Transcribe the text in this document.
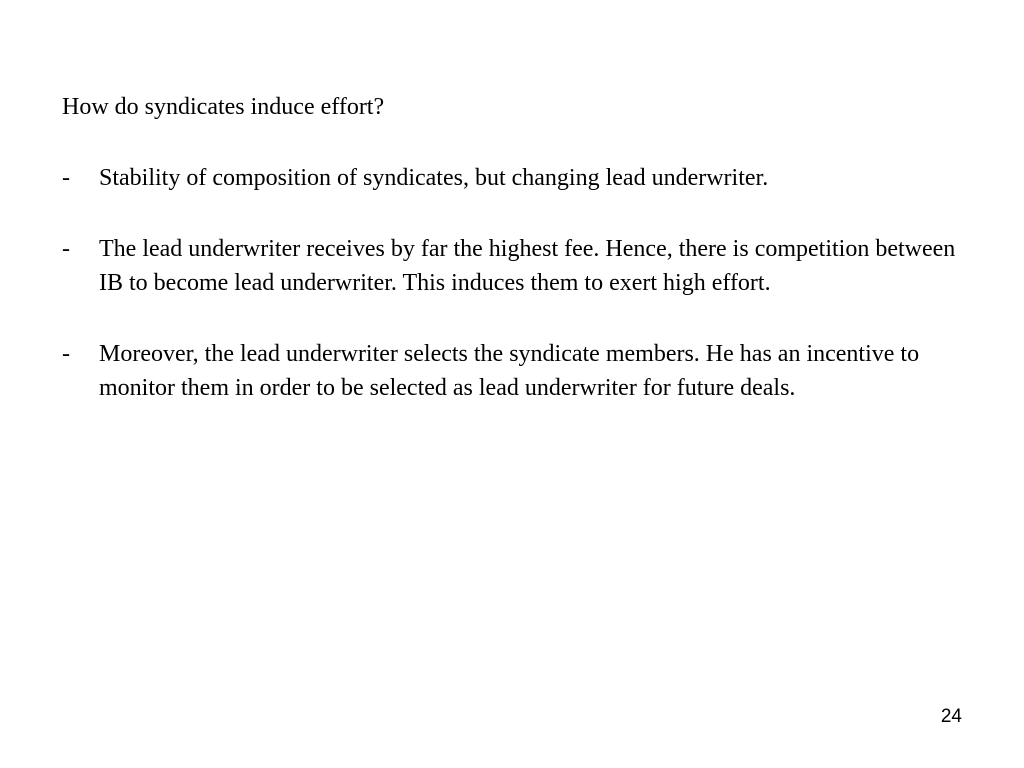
How do syndicates induce effort?

- Stability of composition of syndicates, but changing lead underwriter.
- The lead underwriter receives by far the highest fee. Hence, there is competition between IB to become lead underwriter. This induces them to exert high effort.
- Moreover, the lead underwriter selects the syndicate members. He has an incentive to monitor them in order to be selected as lead underwriter for future deals.
24
